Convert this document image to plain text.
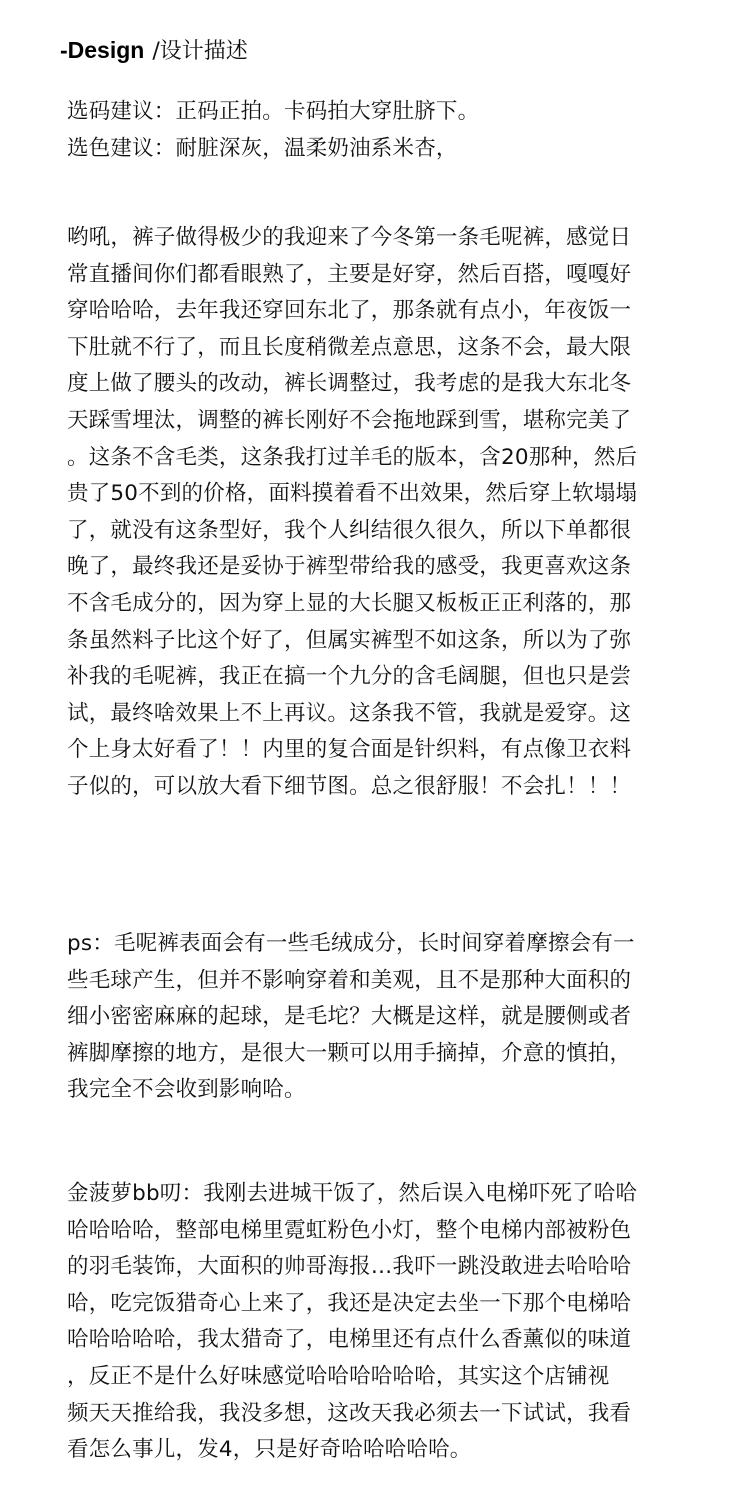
-Design /设计描述
选码建议：正码正拍。卡码拍大穿肚脐下。
选色建议：耐脏深灰，温柔奶油系米杏，
哟吼，裤子做得极少的我迎来了今冬第一条毛呢裤，感觉日
常直播间你们都看眼熟了，主要是好穿，然后百搭，嘎嘎好
穿哈哈哈，去年我还穿回东北了，那条就有点小，年夜饭一
下肚就不行了，而且长度稍微差点意思，这条不会，最大限
度上做了腰头的改动，裤长调整过，我考虑的是我大东北冬
天踩雪埋汰，调整的裤长刚好不会拖地踩到雪，堪称完美了
。这条不含毛类，这条我打过羊毛的版本，含20那种，然后
贵了50不到的价格，面料摸着看不出效果，然后穿上软塌塌
了，就没有这条型好，我个人纠结很久很久，所以下单都很
晚了，最终我还是妥协于裤型带给我的感受，我更喜欢这条
不含毛成分的，因为穿上显的大长腿又板板正正利落的，那
条虽然料子比这个好了，但属实裤型不如这条，所以为了弥
补我的毛呢裤，我正在搞一个九分的含毛阔腿，但也只是尝
试，最终啥效果上不上再议。这条我不管，我就是爱穿。这
个上身太好看了！！内里的复合面是针织料，有点像卫衣料
子似的，可以放大看下细节图。总之很舒服！不会扎！！！
ps：毛呢裤表面会有一些毛绒成分，长时间穿着摩擦会有一
些毛球产生，但并不影响穿着和美观，且不是那种大面积的
细小密密麻麻的起球，是毛坨？大概是这样，就是腰侧或者
裤脚摩擦的地方，是很大一颗可以用手摘掉，介意的慎拍，
我完全不会收到影响哈。
金菠萝bb叨：我刚去进城干饭了，然后误入电梯吓死了哈哈
哈哈哈哈，整部电梯里霓虹粉色小灯，整个电梯内部被粉色
的羽毛装饰，大面积的帅哥海报…我吓一跳没敢进去哈哈哈
哈，吃完饭猎奇心上来了，我还是决定去坐一下那个电梯哈
哈哈哈哈哈，我太猎奇了，电梯里还有点什么香薰似的味道
，反正不是什么好味感觉哈哈哈哈哈哈，其实这个店铺视
频天天推给我，我没多想，这改天我必须去一下试试，我看
看怎么事儿，发4，只是好奇哈哈哈哈哈。
